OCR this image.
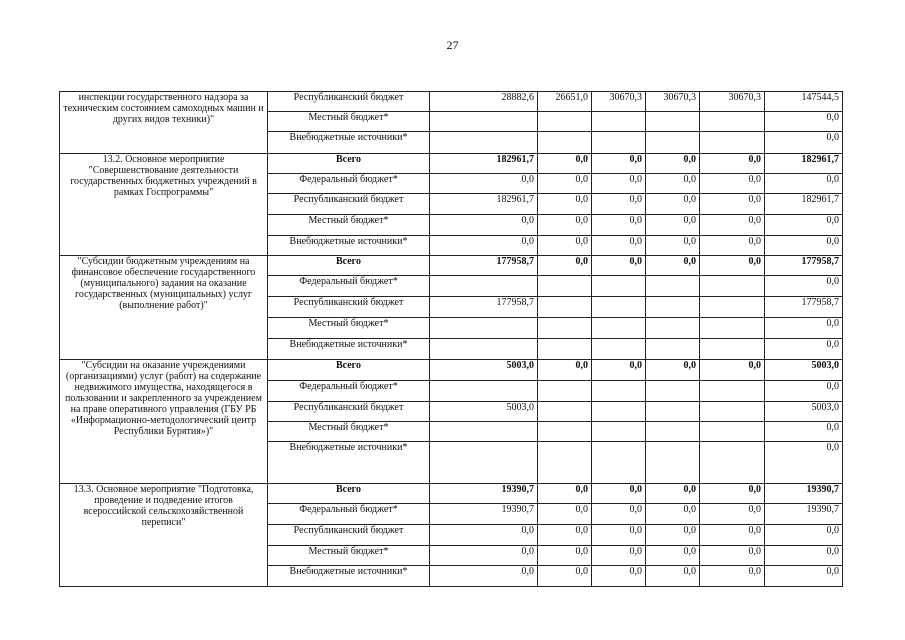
27
инспекции государственного надзора за техническим состоянием самоходных машин и других видов техники)"	Республиканский бюджет	28882,6	26651,0	30670,3	30670,3	30670,3	147544,5
	Местный бюджет*						0,0
	Внебюджетные источники*						0,0
13.2. Основное мероприятие "Совершенствование деятельности государственных бюджетных учреждений в рамках Госпрограммы"	Всего	182961,7	0,0	0,0	0,0	0,0	182961,7
	Федеральный бюджет*	0,0	0,0	0,0	0,0	0,0	0,0
	Республиканский бюджет	182961,7	0,0	0,0	0,0	0,0	182961,7
	Местный бюджет*	0,0	0,0	0,0	0,0	0,0	0,0
	Внебюджетные источники*	0,0	0,0	0,0	0,0	0,0	0,0
"Субсидии бюджетным учреждениям на финансовое обеспечение государственного (муниципального) задания на оказание государственных (муниципальных) услуг (выполнение работ)"	Всего	177958,7	0,0	0,0	0,0	0,0	177958,7
	Федеральный бюджет*						0,0
	Республиканский бюджет	177958,7					177958,7
	Местный бюджет*						0,0
	Внебюджетные источники*						0,0
"Субсидии на оказание учреждениями (организациями) услуг (работ) на содержание недвижимого имущества, находящегося в пользовании и закрепленного за учреждением на праве оперативного управления (ГБУ РБ «Информационно-методологический центр Республики Бурятия»)"	Всего	5003,0	0,0	0,0	0,0	0,0	5003,0
	Федеральный бюджет*						0,0
	Республиканский бюджет	5003,0					5003,0
	Местный бюджет*						0,0
	Внебюджетные источники*						0,0
13.3. Основное мероприятие "Подготовка, проведение и подведение итогов всероссийской сельскохозяйственной переписи"	Всего	19390,7	0,0	0,0	0,0	0,0	19390,7
	Федеральный бюджет*	19390,7	0,0	0,0	0,0	0,0	19390,7
	Республиканский бюджет	0,0	0,0	0,0	0,0	0,0	0,0
	Местный бюджет*	0,0	0,0	0,0	0,0	0,0	0,0
	Внебюджетные источники*	0,0	0,0	0,0	0,0	0,0	0,0
